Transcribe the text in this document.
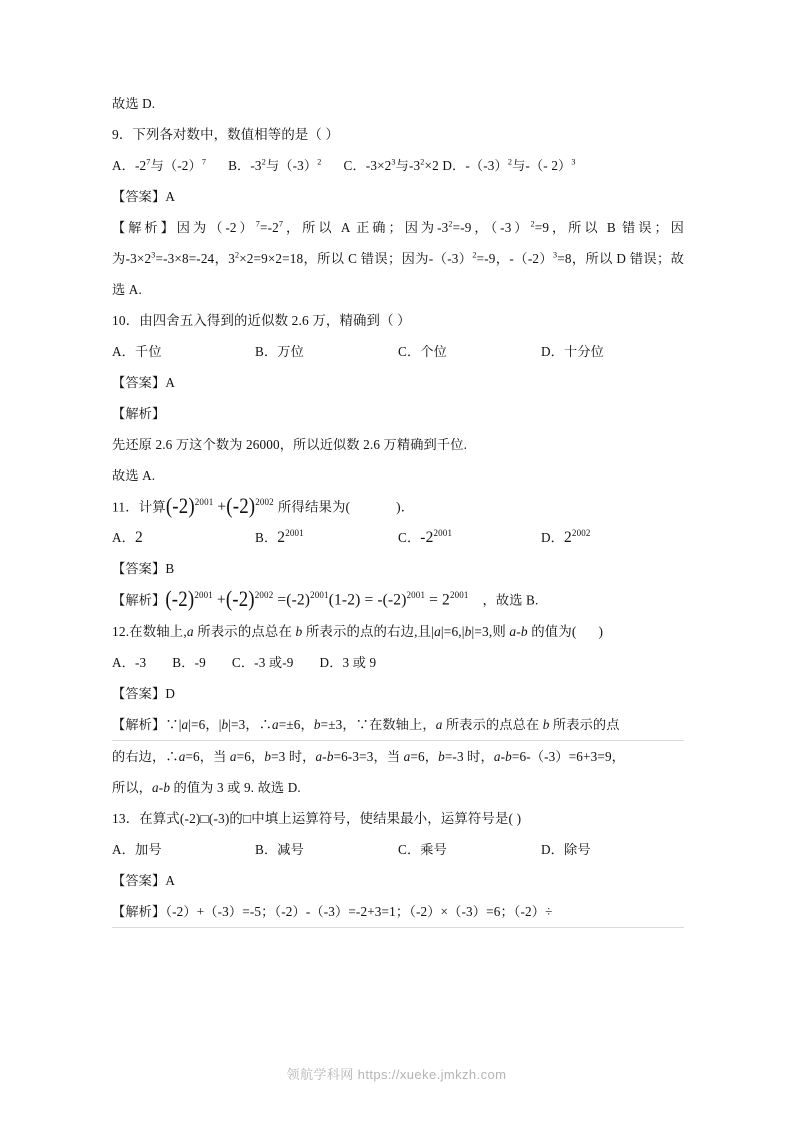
故选 D.
9．下列各对数中，数值相等的是（ ）
A．$-2^7$与$(-2)^7$ B．$-3^2$与$(-3)^2$ C．$-3\times 2^3$与$-3^2\times 2$ D．$-(-3)^2$与-（- 2）$^3$
【答案】A
【解析】因为$(-2)^7=-2^7$，所以 A 正确；因为$-3^2=-9$，$(-3)^2=9$，所以 B 错误；因为$-3\times 2^3=-3\times 8=-24$，$3^2\times 2=9\times 2=18$，所以 C 错误；因为$-(-3)^2=-9$，$-(-2)^3=8$，所以 D 错误；故选 A.
10．由四舍五入得到的近似数 2.6 万，精确到（ ）
A．千位	B．万位	C．个位	D．十分位
【答案】A
【解析】
先还原 2.6 万这个数为 26000，所以近似数 2.6 万精确到千位.
故选 A.
11．计算$(-2)^{2001} +(-2)^{2002}$ 所得结果为(	)．
A．2	B．$2^{2001}$	C．$-2^{2001}$	D．$2^{2002}$
【答案】B
【解析】$(-2)^{2001} +(-2)^{2002} =(-2)^{2001}(1-2) = -(-2)^{2001} = 2^{2001}$ ，故选 B.
12.在数轴上,a 所表示的点总在 b 所表示的点的右边,且|a|=6,|b|=3,则 a-b 的值为( )
A．-3 B．-9 C．-3 或-9 D．3 或 9
【答案】D
【解析】∵|a|=6，|b|=3，∴a=±6，b=±3，∵在数轴上，a 所表示的点总在 b 所表示的点
的右边，∴a=6，当 a=6，b=3 时，a-b=6-3=3，当 a=6，b=-3 时，a-b=6-（-3）=6+3=9，
所以，a-b 的值为 3 或 9. 故选 D.
13．在算式(-2)□(-3)的□中填上运算符号，使结果最小，运算符号是( )
A．加号	B．减号	C．乘号	D．除号
【答案】A
【解析】（-2）+（-3）=-5；（-2）-（-3）=-2+3=1；（-2）×（-3）=6；（-2）÷
领航学科网 https://xueke.jmkzh.com
